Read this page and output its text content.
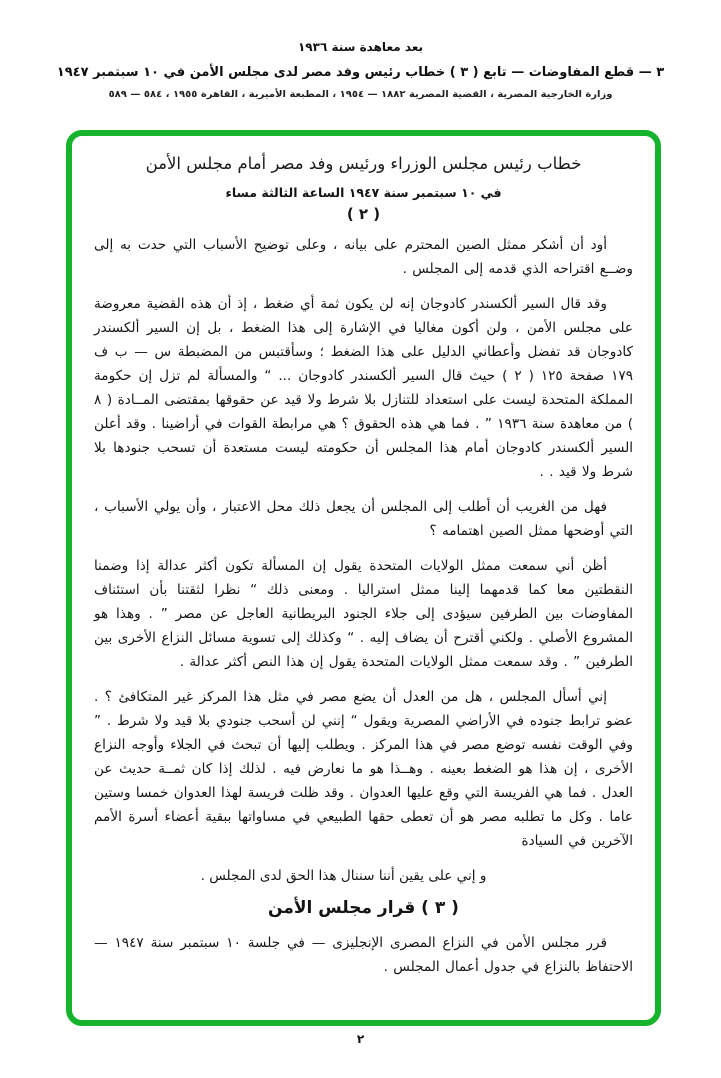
بعد معاهدة سنة ١٩٣٦
٣ — قطع المفاوضات — تابع ( ٣ ) خطاب رئيس وفد مصر لدى مجلس الأمن في ١٠ سبتمبر ١٩٤٧
وزارة الخارجية المصرية ، القضية المصرية ١٨٨٢ — ١٩٥٤ ، المطبعة الأميرية ، القاهرة ١٩٥٥ ، ٥٨٤ — ٥٨٩
خطاب رئيس مجلس الوزراء ورئيس وفد مصر أمام مجلس الأمن
في ١٠ سبتمبر سنة ١٩٤٧ الساعة الثالثة مساء
( ٢ )

أود أن أشكر ممثل الصين المحترم على بيانه ، وعلى توضيح الأسباب التي حدت به إلى وضــع اقتراحه الذي قدمه إلى المجلس .

وقد قال السير ألكسندر كادوجان إنه لن يكون ثمة أي ضغط ، إذ أن هذه القضية معروضة على مجلس الأمن ، ولن أكون مغاليا في الإشارة إلى هذا الضغط ، بل إن السير ألكسندر كادوجان قد تفضل وأعطاني الدليل على هذا الضغط ؛ وسأقتبس من المضبطة س — ب ف ١٧٩ صفحة ١٢٥ ( ٢ ) حيث قال السير ألكسندر كادوجان ... “ والمسألة لم تزل إن حكومة المملكة المتحدة ليست على استعداد للتنازل بلا شرط ولا قيد عن حقوقها بمقتضى المــادة ( ٨ ) من معاهدة سنة ١٩٣٦ ” . فما هي هذه الحقوق ؟ هي مرابطة القوات في أراضينا . وقد أعلن السير ألكسندر كادوجان أمام هذا المجلس أن حكومته ليست مستعدة أن تسحب جنودها بلا شرط ولا قيد . .

فهل من الغريب أن أطلب إلى المجلس أن يجعل ذلك محل الاعتبار ، وأن يولي الأسباب ، التي أوضحها ممثل الصين اهتمامه ؟

أظن أني سمعت ممثل الولايات المتحدة يقول إن المسألة تكون أكثر عدالة إذا وضمنا النقطتين معا كما قدمهما إلينا ممثل استراليا . ومعنى ذلك “ نظرا لثقتنا بأن استئناف المفاوضات بين الطرفين سيؤدى إلى جلاء الجنود البريطانية العاجل عن مصر ” . وهذا هو المشروع الأصلي . ولكني أقترح أن يضاف إليه . “ وكذلك إلى تسوية مسائل النزاع الأخرى بين الطرفين ” . وقد سمعت ممثل الولايات المتحدة يقول إن هذا النص أكثر عدالة .

إني أسأل المجلس ، هل من العدل أن يضع مصر في مثل هذا المركز غير المتكافئ ؟ . عضو ترابط جنوده في الأراضي المصرية ويقول “ إنني لن أسحب جنودي بلا قيد ولا شرط . ” وفي الوقت نفسه توضع مصر في هذا المركز . ويطلب إليها أن تبحث في الجلاء وأوجه النزاع الأخرى ، إن هذا هو الضغط بعينه . وهــذا هو ما نعارض فيه . لذلك إذا كان ثمــة حديث عن العدل . فما هي الفريسة التي وقع عليها العدوان . وقد ظلت فريسة لهذا العدوان خمسا وستين عاما . وكل ما تطلبه مصر هو أن تعطى حقها الطبيعي في مساواتها ببقية أعضاء أسرة الأمم الآخرين في السيادة

و إني على يقين أننا سننال هذا الحق لدى المجلس .

( ٣ ) قرار مجلس الأمن

قرر مجلس الأمن في النزاع المصرى الإنجليزى — في جلسة ١٠ سبتمبر سنة ١٩٤٧ — الاحتفاظ بالنزاع في جدول أعمال المجلس .

٢
